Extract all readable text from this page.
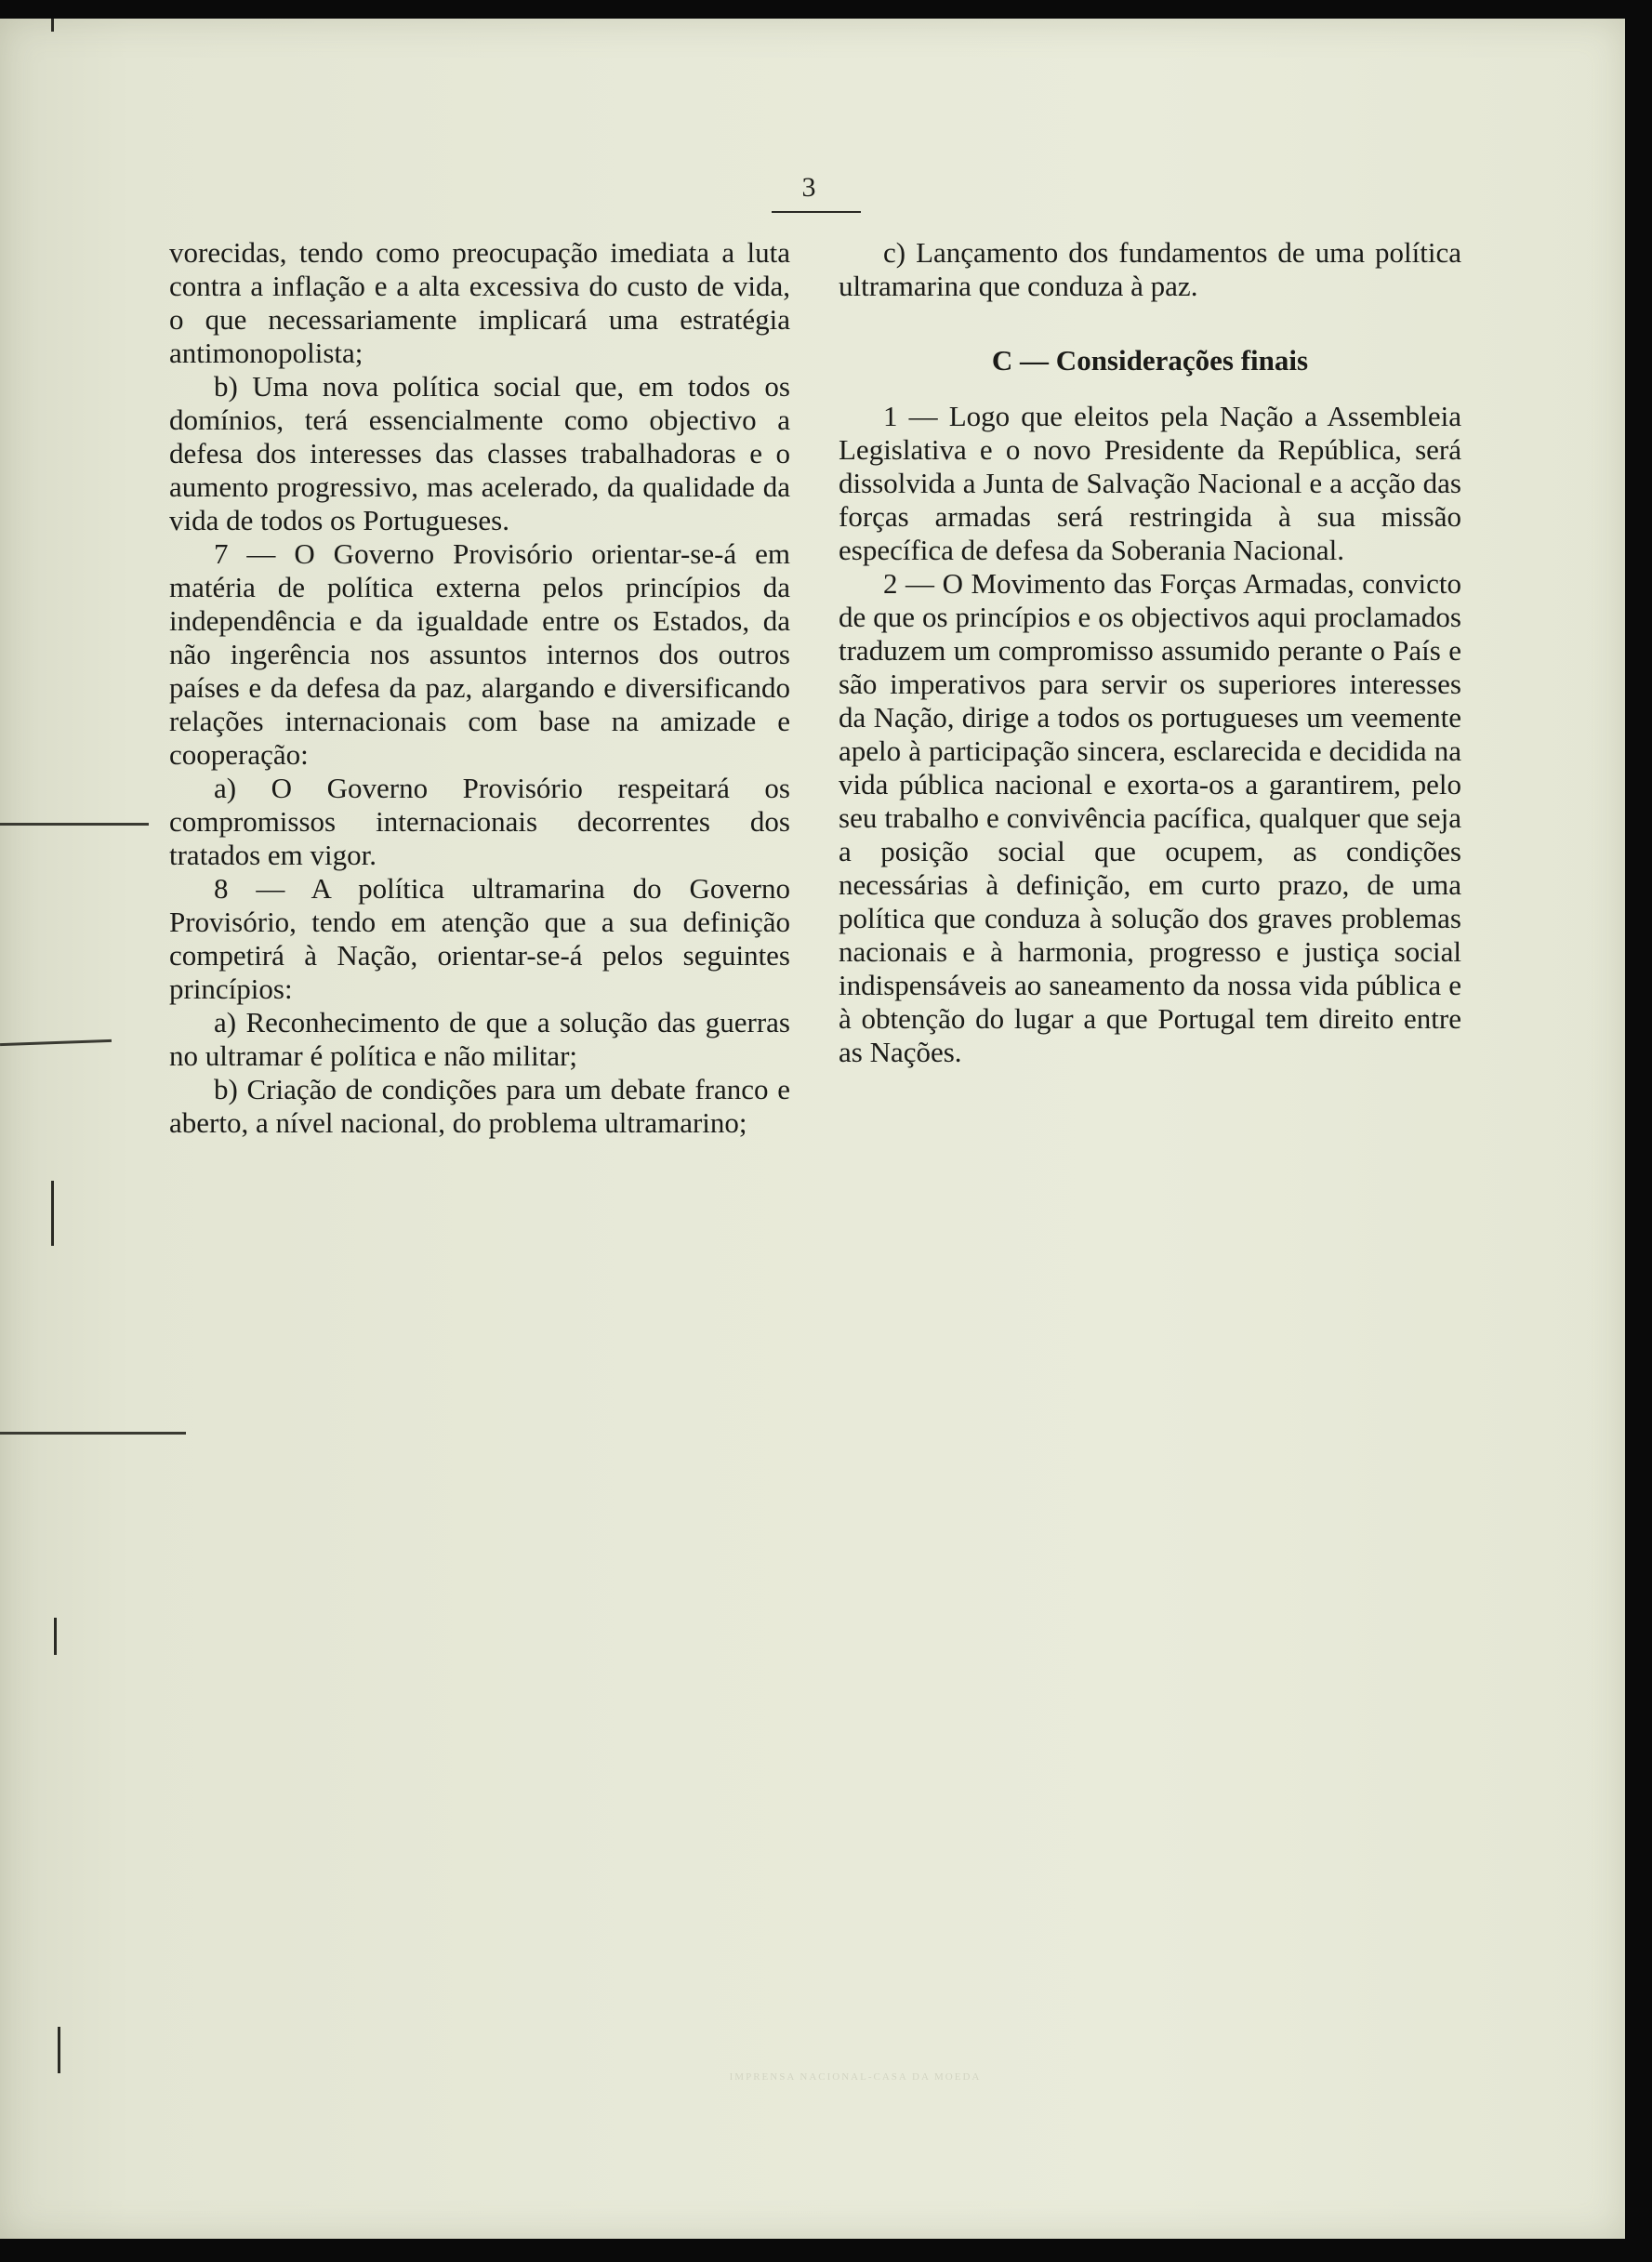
3

vorecidas, tendo como preocupação imediata a luta contra a inflação e a alta excessiva do custo de vida, o que necessariamente implicará uma estratégia antimonopolista;

b) Uma nova política social que, em todos os domínios, terá essencialmente como objectivo a defesa dos interesses das classes trabalhadoras e o aumento progressivo, mas acelerado, da qualidade da vida de todos os Portugueses.

7 — O Governo Provisório orientar-se-á em matéria de política externa pelos princípios da independência e da igualdade entre os Estados, da não ingerência nos assuntos internos dos outros países e da defesa da paz, alargando e diversificando relações internacionais com base na amizade e cooperação:

a) O Governo Provisório respeitará os compromissos internacionais decorrentes dos tratados em vigor.

8 — A política ultramarina do Governo Provisório, tendo em atenção que a sua definição competirá à Nação, orientar-se-á pelos seguintes princípios:

a) Reconhecimento de que a solução das guerras no ultramar é política e não militar;

b) Criação de condições para um debate franco e aberto, a nível nacional, do problema ultramarino;

c) Lançamento dos fundamentos de uma política ultramarina que conduza à paz.

C — Considerações finais

1 — Logo que eleitos pela Nação a Assembleia Legislativa e o novo Presidente da República, será dissolvida a Junta de Salvação Nacional e a acção das forças armadas será restringida à sua missão específica de defesa da Soberania Nacional.

2 — O Movimento das Forças Armadas, convicto de que os princípios e os objectivos aqui proclamados traduzem um compromisso assumido perante o País e são imperativos para servir os superiores interesses da Nação, dirige a todos os portugueses um veemente apelo à participação sincera, esclarecida e decidida na vida pública nacional e exorta-os a garantirem, pelo seu trabalho e convivência pacífica, qualquer que seja a posição social que ocupem, as condições necessárias à definição, em curto prazo, de uma política que conduza à solução dos graves problemas nacionais e à harmonia, progresso e justiça social indispensáveis ao saneamento da nossa vida pública e à obtenção do lugar a que Portugal tem direito entre as Nações.

IMPRENSA NACIONAL-CASA DA MOEDA
